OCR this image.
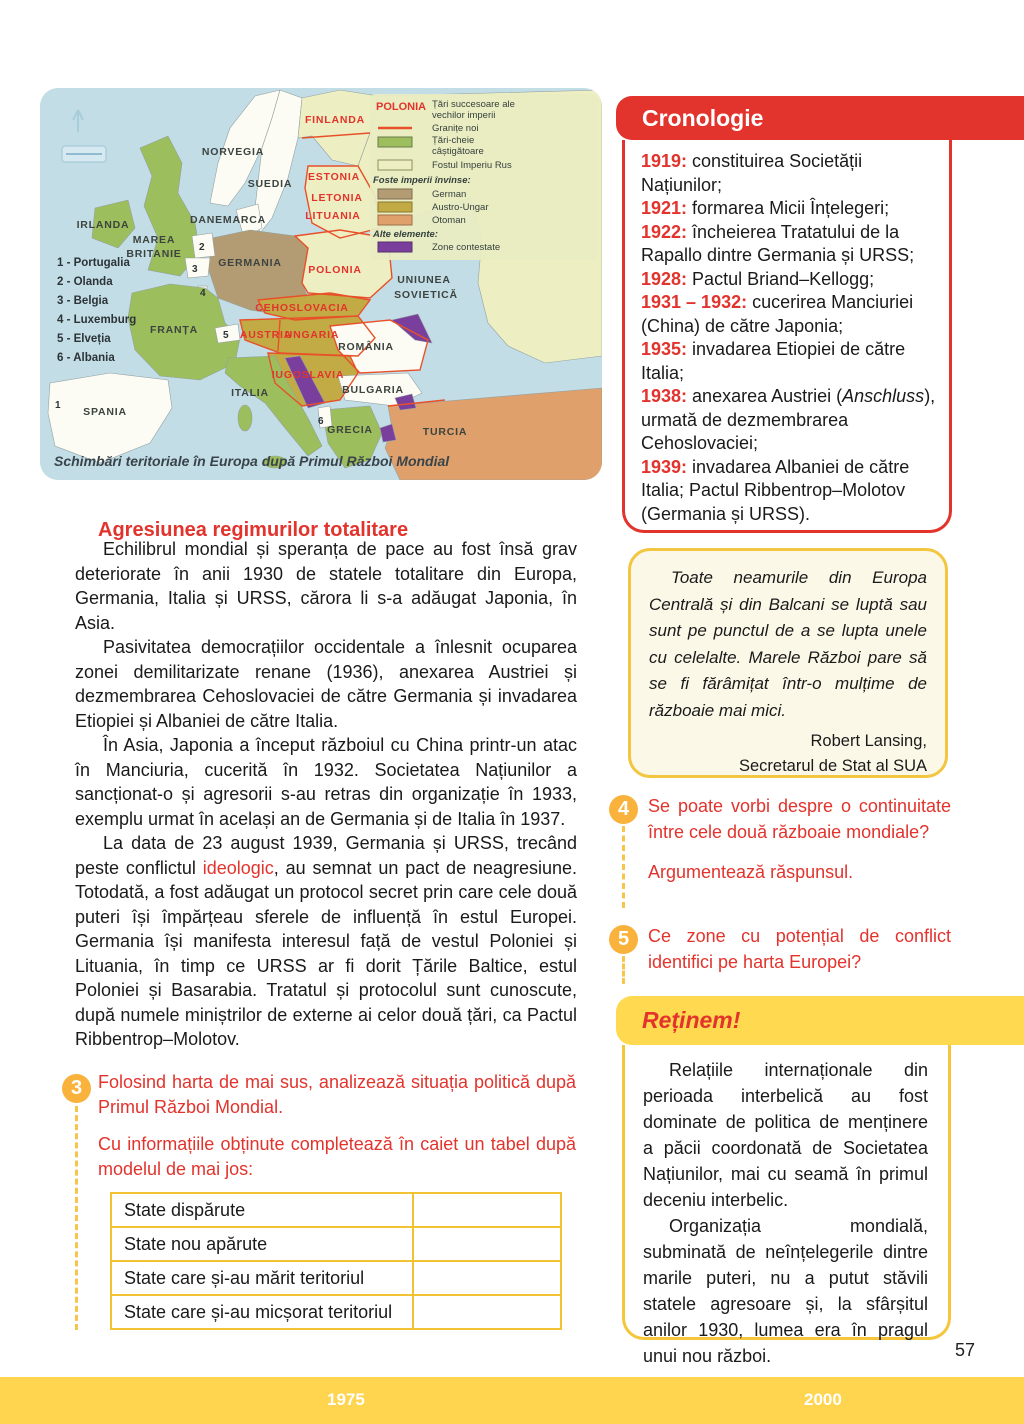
POLONIA Țări succesoare ale
vechilor imperii
Granițe noi
Țări-cheie
câștigătoare
Fostul Imperiu Rus
Foste imperii învinse:
German
Austro-Ungar
Otoman
Alte elemente:
Zone contestate
1 - Portugalia
2 - Olanda
3 - Belgia
4 - Luxemburg
5 - Elveția
6 - Albania
1
2
3
4
5
6
FINLANDA
NORVEGIA
SUEDIA
ESTONIA
LETONIA
LITUANIA
DANEMARCA
IRLANDA
MAREA
BRITANIE
GERMANIA
POLONIA
UNIUNEA
SOVIETICĂ
CEHOSLOVACIA
AUSTRIA
UNGARIA
FRANȚA
ROMÂNIA
IUGOSLAVIA
ITALIA	BULGARIA
SPANIA
GRECIA	TURCIA
Schimbări teritoriale în Europa după Primul Război Mondial
Agresiunea regimurilor totalitare

Echilibrul mondial și speranța de pace au fost însă grav deteriorate în anii 1930 de statele totalitare din Europa, Germania, Italia și URSS, cărora li s-a adăugat Japonia, în Asia.

Pasivitatea democrațiilor occidentale a înlesnit ocuparea zonei demilitarizate renane (1936), anexarea Austriei și dezmembrarea Cehoslovaciei de către Germania și invadarea Etiopiei și Albaniei de către Italia.

În Asia, Japonia a început războiul cu China printr-un atac în Manciuria, cucerită în 1932. Societatea Națiunilor a sancționat-o și agresorii s-au retras din organizație în 1933, exemplu urmat în același an de Germania și de Italia în 1937.

La data de 23 august 1939, Germania și URSS, trecând peste conflictul ideologic, au semnat un pact de neagresiune. Totodată, a fost adăugat un protocol secret prin care cele două puteri își împărțeau sferele de influență în estul Europei. Germania își manifesta interesul față de vestul Poloniei și Lituania, în timp ce URSS ar fi dorit Țările Baltice, estul Poloniei și Basarabia. Tratatul și protocolul sunt cunoscute, după numele miniștrilor de externe ai celor două țări, ca Pactul Ribbentrop–Molotov.

3 Folosind harta de mai sus, analizează situația politică după Primul Război Mondial.

Cu informațiile obținute completează în caiet un tabel după modelul de mai jos:

State dispărute	
State nou apărute	
State care și-au mărit teritoriul	
State care și-au micșorat teritoriul	
Cronologie

1919: constituirea Societății Națiunilor;

1921: formarea Micii Înțelegeri;

1922: încheierea Tratatului de la Rapallo dintre Germania și URSS;

1928: Pactul Briand–Kellogg;

1931 – 1932: cucerirea Manciuriei (China) de către Japonia;

1935: invadarea Etiopiei de către Italia;

1938: anexarea Austriei (Anschluss), urmată de dezmembrarea Cehoslovaciei;

1939: invadarea Albaniei de către Italia; Pactul Ribbentrop–Molotov (Germania și URSS).

Toate neamurile din Europa Centrală și din Balcani se luptă sau sunt pe punctul de a se lupta unele cu celelalte. Marele Război pare să se fi fărâmițat într-o mulțime de războaie mai mici.

Robert Lansing,
Secretarul de Stat al SUA

4	Se poate vorbi despre o continuitate între cele două războaie mondiale?

Argumentează răspunsul.

5	Ce zone cu potențial de conflict identifici pe harta Europei?

Reținem!

Relațiile internaționale din perioada interbelică au fost dominate de politica de menținere a păcii coordonată de Societatea Națiunilor, mai cu seamă în primul deceniu interbelic.

Organizația mondială, subminată de neînțelegerile dintre marile puteri, nu a putut stăvili statele agresoare și, la sfârșitul anilor 1930, lumea era în pragul unui nou război.	57
1975	2000
